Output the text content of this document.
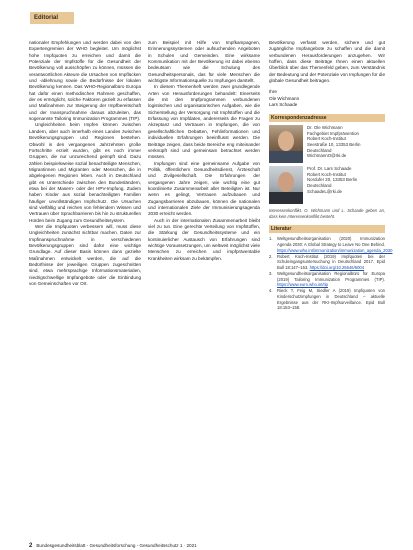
Editorial

nationaler Empfehlungen und werden dabei von den Expertengremien der WHO begleitet. Um möglichst hohe Impfquoten zu erreichen und damit die Potenziale der Impfstoffe für die Gesundheit der Bevölkerung voll ausschöpfen zu können, müssen die verantwortlichen Akteure die Ursachen von Impflücken und -ablehnung sowie die Bedürfnisse der lokalen Bevölkerung kennen. Das WHO-Regionalbüro Europa hat dafür einen methodischen Rahmen geschaffen, der es ermöglicht, solche Faktoren gezielt zu erfassen und Maßnahmen zur Steigerung der Impfbereitschaft und der Inanspruchnahme daraus abzuleiten, das sogenannte Tailoring Immunization Programmes (TIP).

Ungleichheiten beim Impfen können zwischen Ländern, aber auch innerhalb eines Landes zwischen Bevölkerungsgruppen und Regionen bestehen. Obwohl in den vergangenen Jahrzehnten große Fortschritte erzielt wurden, gibt es noch immer Gruppen, die nur unzureichend geimpft sind. Dazu zählen beispielsweise sozial benachteiligte Menschen, Migrantinnen und Migranten oder Menschen, die in abgelegenen Regionen leben. Auch in Deutschland gibt es Unterschiede zwischen den Bundesländern, etwa bei der Masern- oder der HPV-Impfung. Zudem haben Kinder aus sozial benachteiligten Familien häufiger unvollständigen Impfschutz. Die Ursachen sind vielfältig und reichen von fehlendem Wissen und Vertrauen über Sprachbarrieren bis hin zu strukturellen Hürden beim Zugang zum Gesundheitssystem.

Wer die Impfquoten verbessern will, muss diese Ungleichheiten zunächst sichtbar machen. Daten zur Impfinanspruchnahme in verschiedenen Bevölkerungsgruppen sind dafür eine wichtige Grundlage. Auf dieser Basis können dann gezielte Maßnahmen entwickelt werden, die auf die Bedürfnisse der jeweiligen Gruppen zugeschnitten sind, etwa mehrsprachige Informationsmaterialien, niedrigschwellige Impfangebote oder die Einbindung von Gemeinschaften vor Ort.

zum Beispiel mit Hilfe von Impfkampagnen, Erinnerungssystemen oder aufsuchenden Angeboten in Schulen und Gemeinden. Eine wirksame Kommunikation mit der Bevölkerung ist dabei ebenso bedeutsam wie die Schulung des Gesundheitspersonals, das für viele Menschen die wichtigste Informationsquelle zu Impfungen darstellt.

In diesem Themenheft werden zwei grundlegende Arten von Herausforderungen behandelt: Einerseits die mit den Impfprogrammen verbundenen logistischen und organisatorischen Aufgaben, wie die Sicherstellung der Versorgung mit Impfstoffen und die Erfassung von Impfdaten, andererseits die Fragen zu Akzeptanz und Vertrauen in Impfungen, die von gesellschaftlichen Debatten, Fehlinformationen und individuellen Erfahrungen beeinflusst werden. Die Beiträge zeigen, dass beide Bereiche eng miteinander verknüpft sind und gemeinsam betrachtet werden müssen.

Impfungen sind eine gemeinsame Aufgabe von Politik, öffentlichem Gesundheitsdienst, Ärzteschaft und Zivilgesellschaft. Die Erfahrungen der vergangenen Jahre zeigen, wie wichtig eine gut koordinierte Zusammenarbeit aller Beteiligten ist. Nur wenn es gelingt, Vertrauen aufzubauen und Zugangsbarrieren abzubauen, können die nationalen und internationalen Ziele der Immunisierungsagenda 2030 erreicht werden.

Auch in der internationalen Zusammenarbeit bleibt viel zu tun. Eine gerechte Verteilung von Impfstoffen, die Stärkung der Gesundheitssysteme und ein kontinuierlicher Austausch von Erfahrungen sind wichtige Voraussetzungen, um weltweit möglichst viele Menschen zu erreichen und impfpräventable Krankheiten wirksam zu bekämpfen.

Bevölkerung verfasst werden, sichere und gut zugängliche Impfangebote zu schaffen und die damit verbundenen Herausforderungen anzugehen. Wir hoffen, dass diese Beiträge Ihnen einen aktuellen Überblick über das Themenfeld geben, zum Verständnis der Bedeutung und der Potenziale von Impfungen für die globale Gesundheit beitragen.

Ihre
Ole Wichmann
Lars Schaade
Korrespondenzadresse
Dr. Ole Wichmann
Fachgebiet Impfprävention
Robert Koch-Institut
Seestraße 10, 13353 Berlin
Deutschland
WichmannO@rki.de
Prof. Dr. Lars Schaade
Robert Koch-Institut
Nordufer 20, 13353 Berlin
Deutschland
SchaadeL@rki.de
Interessenkonflikt. O. Wichmann und L. Schaade geben an, dass kein Interessenkonflikt besteht.
Literatur
1. Weltgesundheitsorganisation (2020) Immunization Agenda 2030: A Global Strategy to Leave No One Behind. https://www.who.int/immunization/immunization_agenda_2030
2. Robert Koch-Institut (2019) Impfquoten bei der Schuleingangsuntersuchung in Deutschland 2017. Epid Bull 18:147–153. https://doi.org/10.25646/6004
3. Weltgesundheitsorganisation Regionalbüro für Europa (2019) Tailoring Immunization Programmes (TIP). https://www.euro.who.int/tip
4. Rieck T, Feig M, Siedler A (2019) Impfquoten von Kinderschutzimpfungen in Deutschland – aktuelle Ergebnisse aus der RKI-Impfsurveillance. Epid Bull 18:153–158.
2 Bundesgesundheitsblatt - Gesundheitsforschung - Gesundheitsschutz 1 · 2021
